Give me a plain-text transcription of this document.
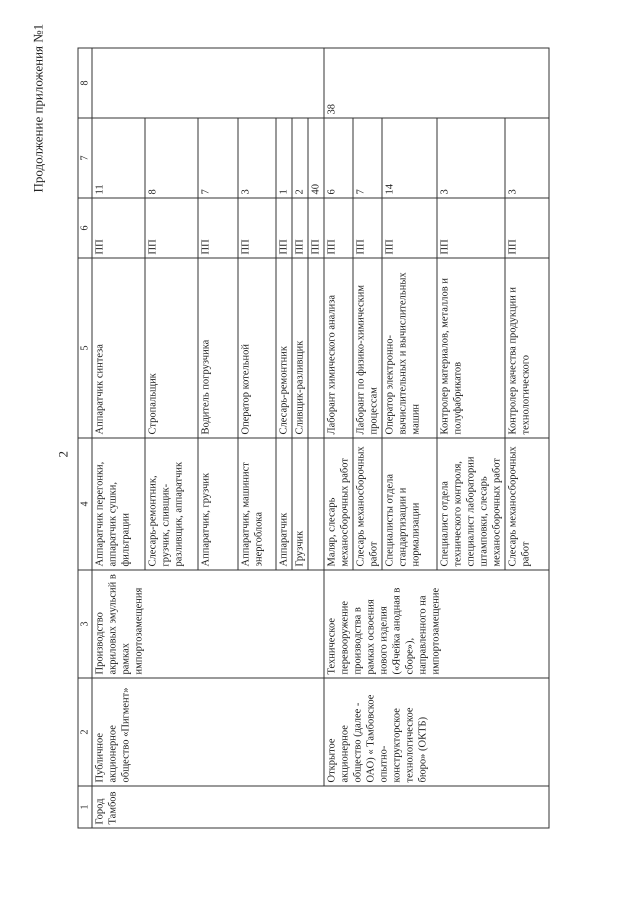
Продолжение приложения №1
2
1	2	3	4	5	6	7	8
Город Тамбов	Публичное акционерное общество «Пигмент»	Производство акриловых эмульсий в рамках импортозамещения	Аппаратчик перегонки, аппаратчик сушки, фильтрации	Аппаратчик синтеза	ПП	11	
			Слесарь-ремонтник, грузчик, сливщик-разливщик, аппаратчик	Стропальщик	ПП	8	
			Аппаратчик, грузчик	Водитель погрузчика	ПП	7	
			Аппаратчик, машинист энергоблока	Оператор котельной	ПП	3	
			Аппаратчик	Слесарь-ремонтник	ПП	1	
			Грузчик	Сливщик-разливщик	ПП	2	
					ПП	40	
	Открытое акционерное общество (далее - ОАО) « Тамбовское опытно-конструкторское технологическое бюро» (ОКТБ)	Техническое перевооружение производства в рамках освоения нового изделия («Ячейка анодная в сборе»), направленного на импортозамещение	Маляр, слесарь механосборочных работ	Лаборант химического анализа	ПП	6	38
			Слесарь механосборочных работ	Лаборант по физико-химическим процессам	ПП	7	
			Специалисты отдела стандартизации и нормализации	Оператор электронно-вычислительных и вычислительных машин	ПП	14	
			Специалист отдела технического контроля, специалист лаборатории штамповки, слесарь механосборочных работ	Контролер материалов, металлов и полуфабрикатов	ПП	3	
			Слесарь механосборочных работ	Контролер качества продукции и технологического	ПП	3	
